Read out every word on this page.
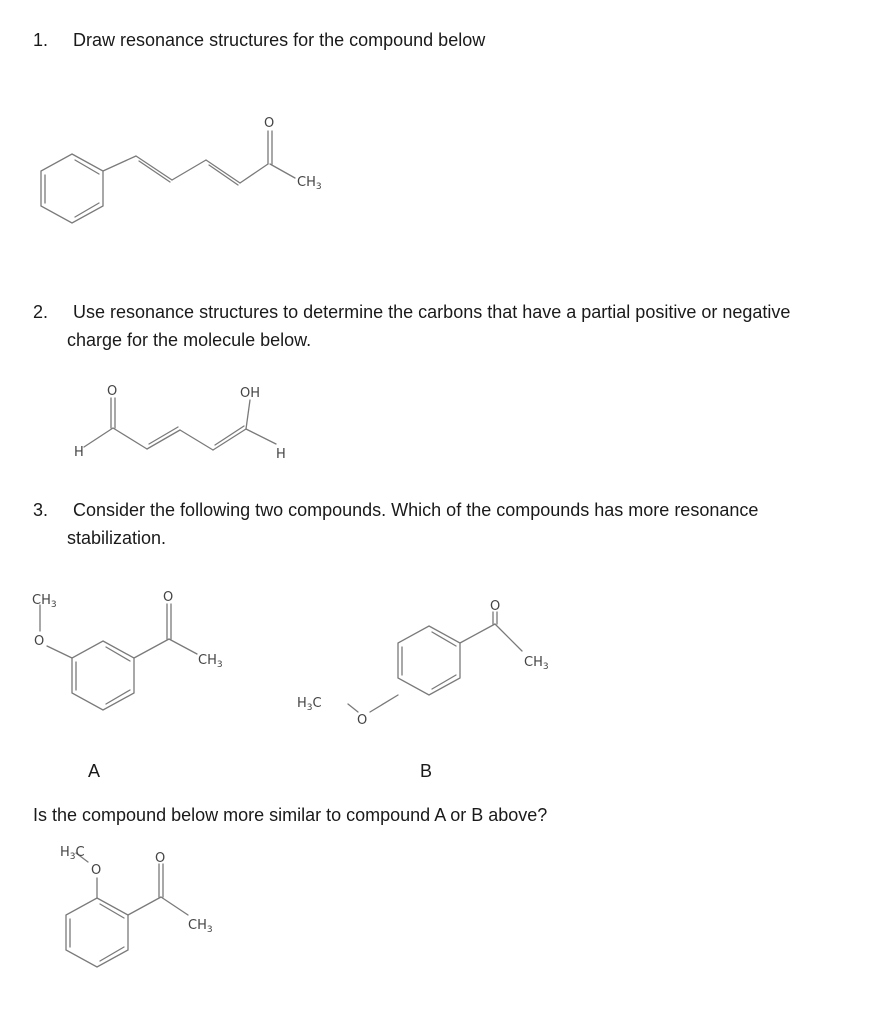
1. Draw resonance structures for the compound below
2. Use resonance structures to determine the carbons that have a partial positive or negative
charge for the molecule below.
3. Consider the following two compounds. Which of the compounds has more resonance
stabilization.
A	B
Is the compound below more similar to compound A or B above?
O
$CH_3$
O	OH
H	H
$CH_3$
O
O
$CH_3$
$H_3C$
O
O
$CH_3$
$H_3C$
O
O
$CH_3$
